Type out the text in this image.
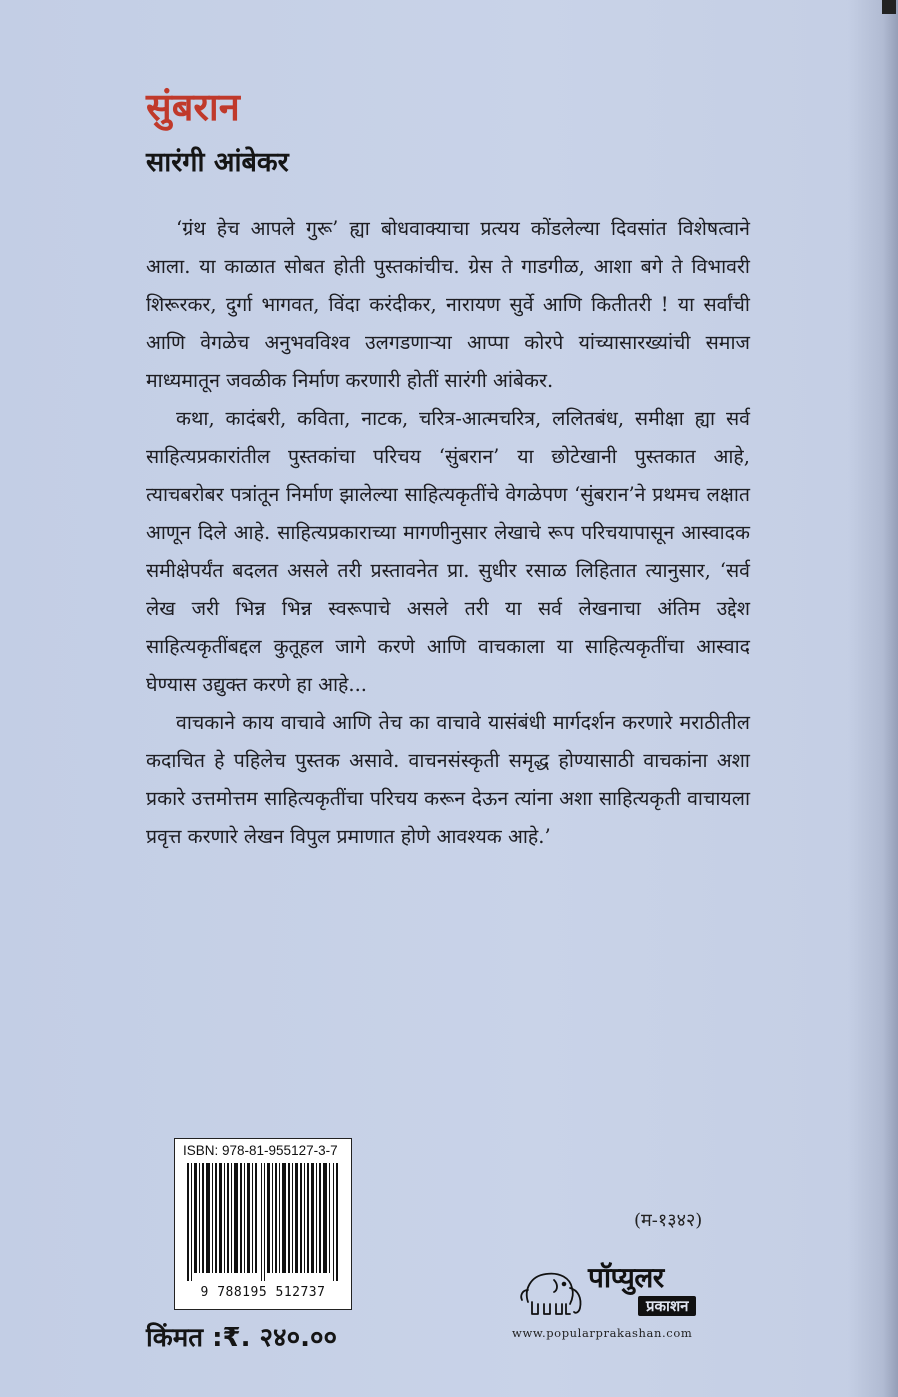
सुंबरान
सारंगी आंबेकर

‘ग्रंथ हेच आपले गुरू’ ह्या बोधवाक्याचा प्रत्यय कोंडलेल्या दिवसांत विशेषत्वाने आला. या काळात सोबत होती पुस्तकांचीच. ग्रेस ते गाडगीळ, आशा बगे ते विभावरी शिरूरकर, दुर्गा भागवत, विंदा करंदीकर, नारायण सुर्वे आणि कितीतरी ! या सर्वांची आणि वेगळेच अनुभवविश्व उलगडणाऱ्या आप्पा कोरपे यांच्यासारख्यांची समाज माध्यमातून जवळीक निर्माण करणारी होतीं सारंगी आंबेकर.

कथा, कादंबरी, कविता, नाटक, चरित्र-आत्मचरित्र, ललितबंध, समीक्षा ह्या सर्व साहित्यप्रकारांतील पुस्तकांचा परिचय ‘सुंबरान’ या छोटेखानी पुस्तकात आहे, त्याचबरोबर पत्रांतून निर्माण झालेल्या साहित्यकृतींचे वेगळेपण ‘सुंबरान’ने प्रथमच लक्षात आणून दिले आहे. साहित्यप्रकाराच्या मागणीनुसार लेखाचे रूप परिचयापासून आस्वादक समीक्षेपर्यंत बदलत असले तरी प्रस्तावनेत प्रा. सुधीर रसाळ लिहितात त्यानुसार, ‘सर्व लेख जरी भिन्न भिन्न स्वरूपाचे असले तरी या सर्व लेखनाचा अंतिम उद्देश साहित्यकृतींबद्दल कुतूहल जागे करणे आणि वाचकाला या साहित्यकृतींचा आस्वाद घेण्यास उद्युक्त करणे हा आहे...

वाचकाने काय वाचावे आणि तेच का वाचावे यासंबंधी मार्गदर्शन करणारे मराठीतील कदाचित हे पहिलेच पुस्तक असावे. वाचनसंस्कृती समृद्ध होण्यासाठी वाचकांना अशा प्रकारे उत्तमोत्तम साहित्यकृतींचा परिचय करून देऊन त्यांना अशा साहित्यकृती वाचायला प्रवृत्त करणारे लेखन विपुल प्रमाणात होणे आवश्यक आहे.’

ISBN: 978-81-955127-3-7
9 788195 512737
किंमत :₹. २४०.००
(म-१३४२)
पॉप्युलर
प्रकाशन
www.popularprakashan.com
